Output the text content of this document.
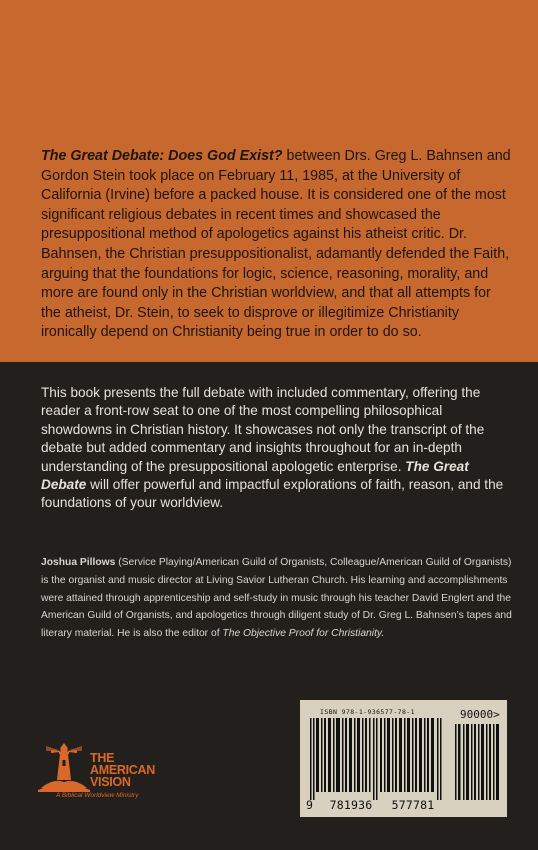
The Great Debate: Does God Exist? between Drs. Greg L. Bahnsen and Gordon Stein took place on February 11, 1985, at the University of California (Irvine) before a packed house. It is considered one of the most significant religious debates in recent times and showcased the presuppositional method of apologetics against his atheist critic. Dr. Bahnsen, the Christian presuppositionalist, adamantly defended the Faith, arguing that the foundations for logic, science, reasoning, morality, and more are found only in the Christian worldview, and that all attempts for the atheist, Dr. Stein, to seek to disprove or illegitimize Christianity ironically depend on Christianity being true in order to do so.

This book presents the full debate with included commentary, offering the reader a front-row seat to one of the most compelling philosophical showdowns in Christian history. It showcases not only the transcript of the debate but added commentary and insights throughout for an in-depth understanding of the presuppositional apologetic enterprise. The Great Debate will offer powerful and impactful explorations of faith, reason, and the foundations of your worldview.

Joshua Pillows (Service Playing/American Guild of Organists, Colleague/American Guild of Organists) is the organist and music director at Living Savior Lutheran Church. His learning and accomplishments were attained through apprenticeship and self-study in music through his teacher David Englert and the American Guild of Organists, and apologetics through diligent study of Dr. Greg L. Bahnsen’s tapes and literary material. He is also the editor of The Objective Proof for Christianity.

THE
AMERICAN
VISION
A Biblical Worldview Ministry
ISBN 978-1-936577-78-1	90000>
9	781936	577781
